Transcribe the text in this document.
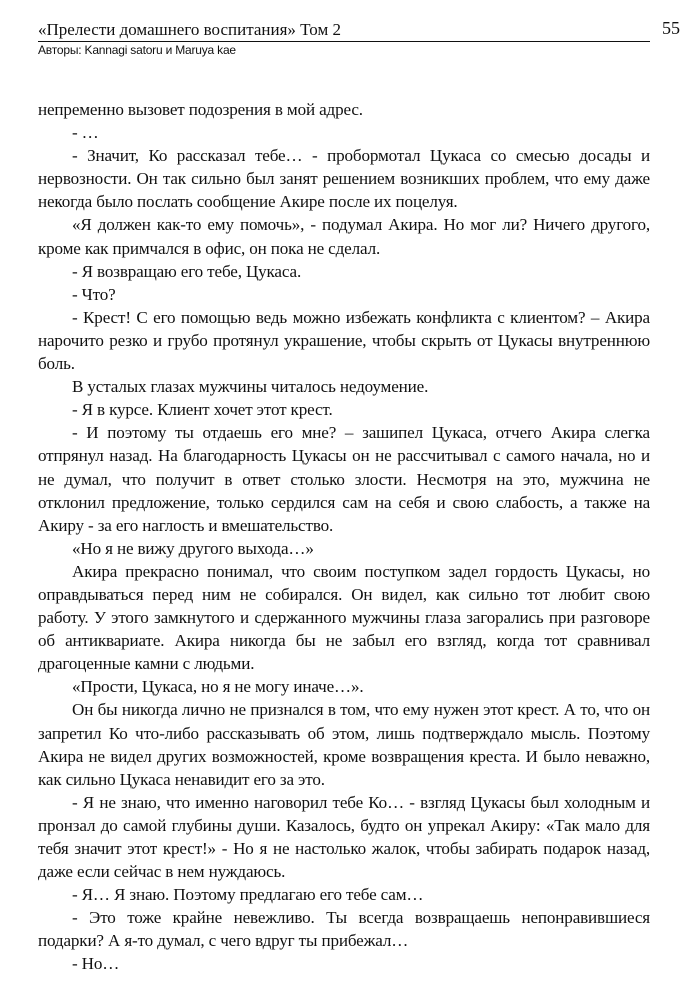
«Прелести домашнего воспитания» Том 2	55
Авторы: Kannagi satoru и Maruya kae

непременно вызовет подозрения в мой адрес.

- …

- Значит, Ко рассказал тебе… - пробормотал Цукаса со смесью досады и нервозности. Он так сильно был занят решением возникших проблем, что ему даже некогда было послать сообщение Акире после их поцелуя.

«Я должен как-то ему помочь», - подумал Акира. Но мог ли? Ничего другого, кроме как примчался в офис, он пока не сделал.

- Я возвращаю его тебе, Цукаса.

- Что?

- Крест! С его помощью ведь можно избежать конфликта с клиентом? – Акира нарочито резко и грубо протянул украшение, чтобы скрыть от Цукасы внутреннюю боль.

В усталых глазах мужчины читалось недоумение.

- Я в курсе. Клиент хочет этот крест.

- И поэтому ты отдаешь его мне? – зашипел Цукаса, отчего Акира слегка отпрянул назад. На благодарность Цукасы он не рассчитывал с самого начала, но и не думал, что получит в ответ столько злости. Несмотря на это, мужчина не отклонил предложение, только сердился сам на себя и свою слабость, а также на Акиру - за его наглость и вмешательство.

«Но я не вижу другого выхода…»

Акира прекрасно понимал, что своим поступком задел гордость Цукасы, но оправдываться перед ним не собирался. Он видел, как сильно тот любит свою работу. У этого замкнутого и сдержанного мужчины глаза загорались при разговоре об антиквариате. Акира никогда бы не забыл его взгляд, когда тот сравнивал драгоценные камни с людьми.

«Прости, Цукаса, но я не могу иначе…».

Он бы никогда лично не признался в том, что ему нужен этот крест. А то, что он запретил Ко что-либо рассказывать об этом, лишь подтверждало мысль. Поэтому Акира не видел других возможностей, кроме возвращения креста. И было неважно, как сильно Цукаса ненавидит его за это.

- Я не знаю, что именно наговорил тебе Ко… - взгляд Цукасы был холодным и пронзал до самой глубины души. Казалось, будто он упрекал Акиру: «Так мало для тебя значит этот крест!» - Но я не настолько жалок, чтобы забирать подарок назад, даже если сейчас в нем нуждаюсь.

- Я… Я знаю. Поэтому предлагаю его тебе сам…

- Это тоже крайне невежливо. Ты всегда возвращаешь непонравившиеся подарки? А я-то думал, с чего вдруг ты прибежал…

- Но…
